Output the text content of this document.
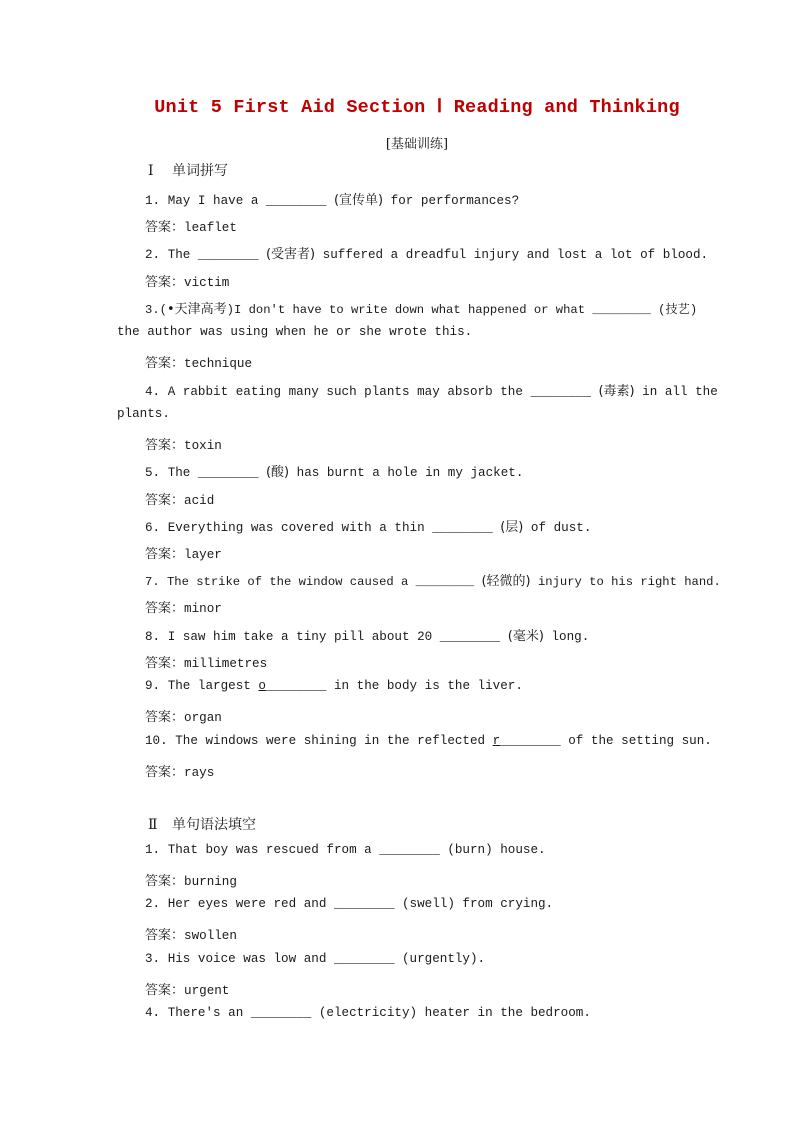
Unit 5 First Aid Section Ⅰ Reading and Thinking
[基础训练]
Ⅰ 单词拼写
1. May I have a ________ (宣传单) for performances?
答案：leaflet
2. The ________ (受害者) suffered a dreadful injury and lost a lot of blood.
答案：victim
3.(•天津高考)I don't have to write down what happened or what ________ (技艺)
the author was using when he or she wrote this.
答案：technique
4. A rabbit eating many such plants may absorb the ________ (毒素) in all the
plants.
答案：toxin
5. The ________ (酸) has burnt a hole in my jacket.
答案：acid
6. Everything was covered with a thin ________ (层) of dust.
答案：layer
7. The strike of the window caused a ________ (轻微的) injury to his right hand.
答案：minor
8. I saw him take a tiny pill about 20 ________ (毫米) long.
答案：millimetres
9. The largest o________ in the body is the liver.
答案：organ
10. The windows were shining in the reflected r________ of the setting sun.
答案：rays
Ⅱ 单句语法填空
1. That boy was rescued from a ________ (burn) house.
答案：burning
2. Her eyes were red and ________ (swell) from crying.
答案：swollen
3. His voice was low and ________ (urgently).
答案：urgent
4. There's an ________ (electricity) heater in the bedroom.
